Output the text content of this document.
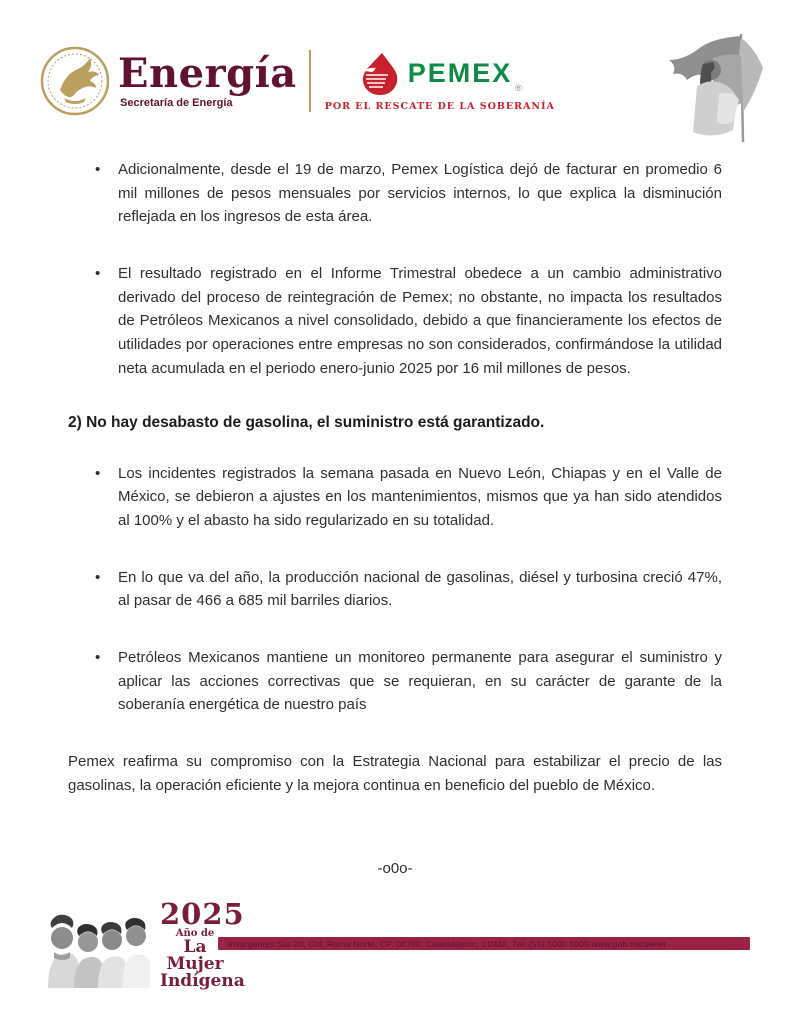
Energía
Secretaría de Energía
PEMEX ®
POR EL RESCATE DE LA SOBERANÍA
• Adicionalmente, desde el 19 de marzo, Pemex Logística dejó de facturar en promedio 6 mil millones de pesos mensuales por servicios internos, lo que explica la disminución reflejada en los ingresos de esta área.
• El resultado registrado en el Informe Trimestral obedece a un cambio administrativo derivado del proceso de reintegración de Pemex; no obstante, no impacta los resultados de Petróleos Mexicanos a nivel consolidado, debido a que financieramente los efectos de utilidades por operaciones entre empresas no son considerados, confirmándose la utilidad neta acumulada en el periodo enero-junio 2025 por 16 mil millones de pesos.

2) No hay desabasto de gasolina, el suministro está garantizado.

• Los incidentes registrados la semana pasada en Nuevo León, Chiapas y en el Valle de México, se debieron a ajustes en los mantenimientos, mismos que ya han sido atendidos al 100% y el abasto ha sido regularizado en su totalidad.
• En lo que va del año, la producción nacional de gasolinas, diésel y turbosina creció 47%, al pasar de 466 a 685 mil barriles diarios.
• Petróleos Mexicanos mantiene un monitoreo permanente para asegurar el suministro y aplicar las acciones correctivas que se requieran, en su carácter de garante de la soberanía energética de nuestro país

Pemex reafirma su compromiso con la Estrategia Nacional para estabilizar el precio de las gasolinas, la operación eficiente y la mejora continua en beneficio del pueblo de México.

-o0o-

2025
Año de
La Mujer
Indígena
Insurgentes Sur 20, Col. Roma Norte, CP. 06700, Cuauhtémoc, CDMX. Tel: (55) 5000 6000 www.gob.mx/sener
